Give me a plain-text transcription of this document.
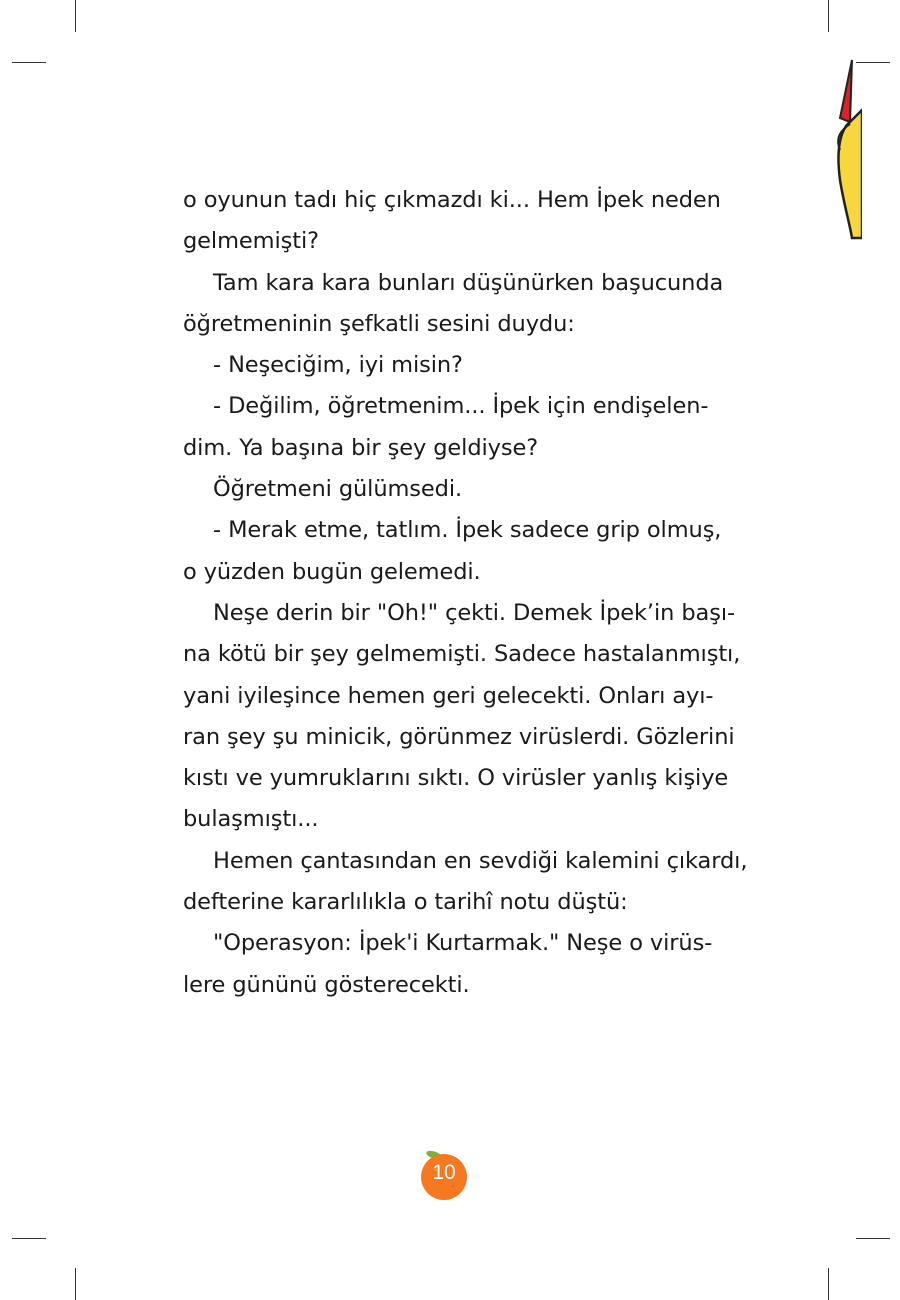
o oyunun tadı hiç çıkmazdı ki... Hem İpek neden
gelmemişti?
Tam kara kara bunları düşünürken başucunda
öğretmeninin şefkatli sesini duydu:
- Neşeciğim, iyi misin?
- Değilim, öğretmenim... İpek için endişelen-
dim. Ya başına bir şey geldiyse?
Öğretmeni gülümsedi.
- Merak etme, tatlım. İpek sadece grip olmuş,
o yüzden bugün gelemedi.
Neşe derin bir "Oh!" çekti. Demek İpek’in başı-
na kötü bir şey gelmemişti. Sadece hastalanmıştı,
yani iyileşince hemen geri gelecekti. Onları ayı-
ran şey şu minicik, görünmez virüslerdi. Gözlerini
kıstı ve yumruklarını sıktı. O virüsler yanlış kişiye
bulaşmıştı...
Hemen çantasından en sevdiği kalemini çıkardı,
defterine kararlılıkla o tarihî notu düştü:
"Operasyon: İpek'i Kurtarmak." Neşe o virüs-
lere gününü gösterecekti.
10
